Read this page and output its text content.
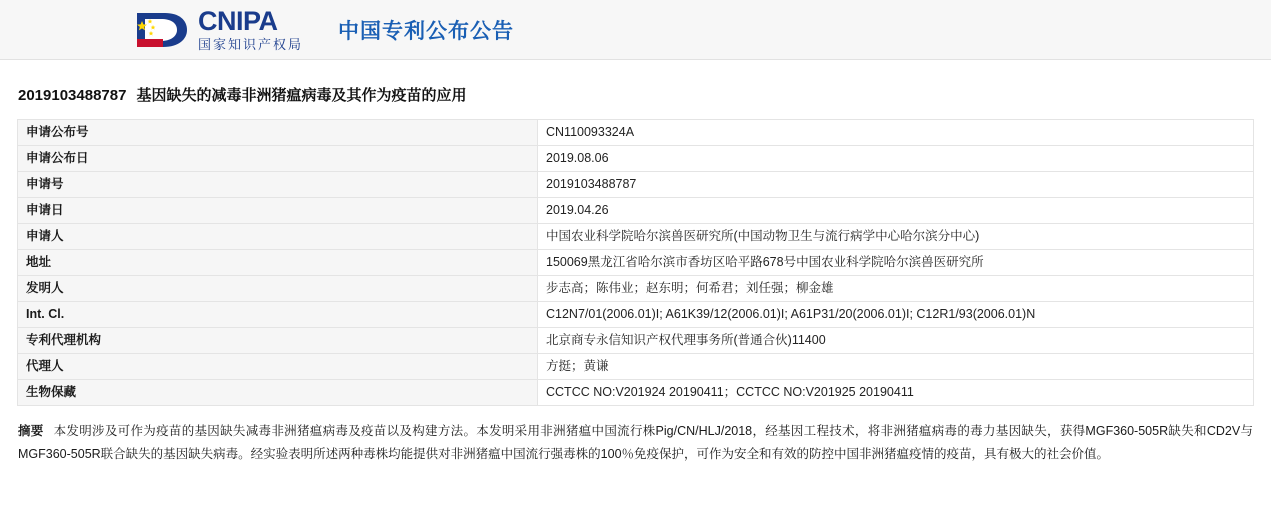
CNIPA
国家知识产权局
中国专利公布公告
2019103488787 基因缺失的减毒非洲猪瘟病毒及其作为疫苗的应用
申请公布号	CN110093324A
申请公布日	2019.08.06
申请号	2019103488787
申请日	2019.04.26
申请人	中国农业科学院哈尔滨兽医研究所(中国动物卫生与流行病学中心哈尔滨分中心)
地址	150069黑龙江省哈尔滨市香坊区哈平路678号中国农业科学院哈尔滨兽医研究所
发明人	步志高；陈伟业；赵东明；何希君；刘任强；柳金雄
Int. Cl.	C12N7/01(2006.01)I; A61K39/12(2006.01)I; A61P31/20(2006.01)I; C12R1/93(2006.01)N
专利代理机构	北京商专永信知识产权代理事务所(普通合伙)11400
代理人	方挺；黄谦
生物保藏	CCTCC NO:V201924 20190411；CCTCC NO:V201925 20190411
摘要 本发明涉及可作为疫苗的基因缺失减毒非洲猪瘟病毒及疫苗以及构建方法。本发明采用非洲猪瘟中国流行株Pig/CN/HLJ/2018，经基因工程技术，将非洲猪瘟病毒的毒力基因缺失，获得MGF360-505R缺失和CD2V与MGF360-505R联合缺失的基因缺失病毒。经实验表明所述两种毒株均能提供对非洲猪瘟中国流行强毒株的100％免疫保护，可作为安全和有效的防控中国非洲猪瘟疫情的疫苗，具有极大的社会价值。
